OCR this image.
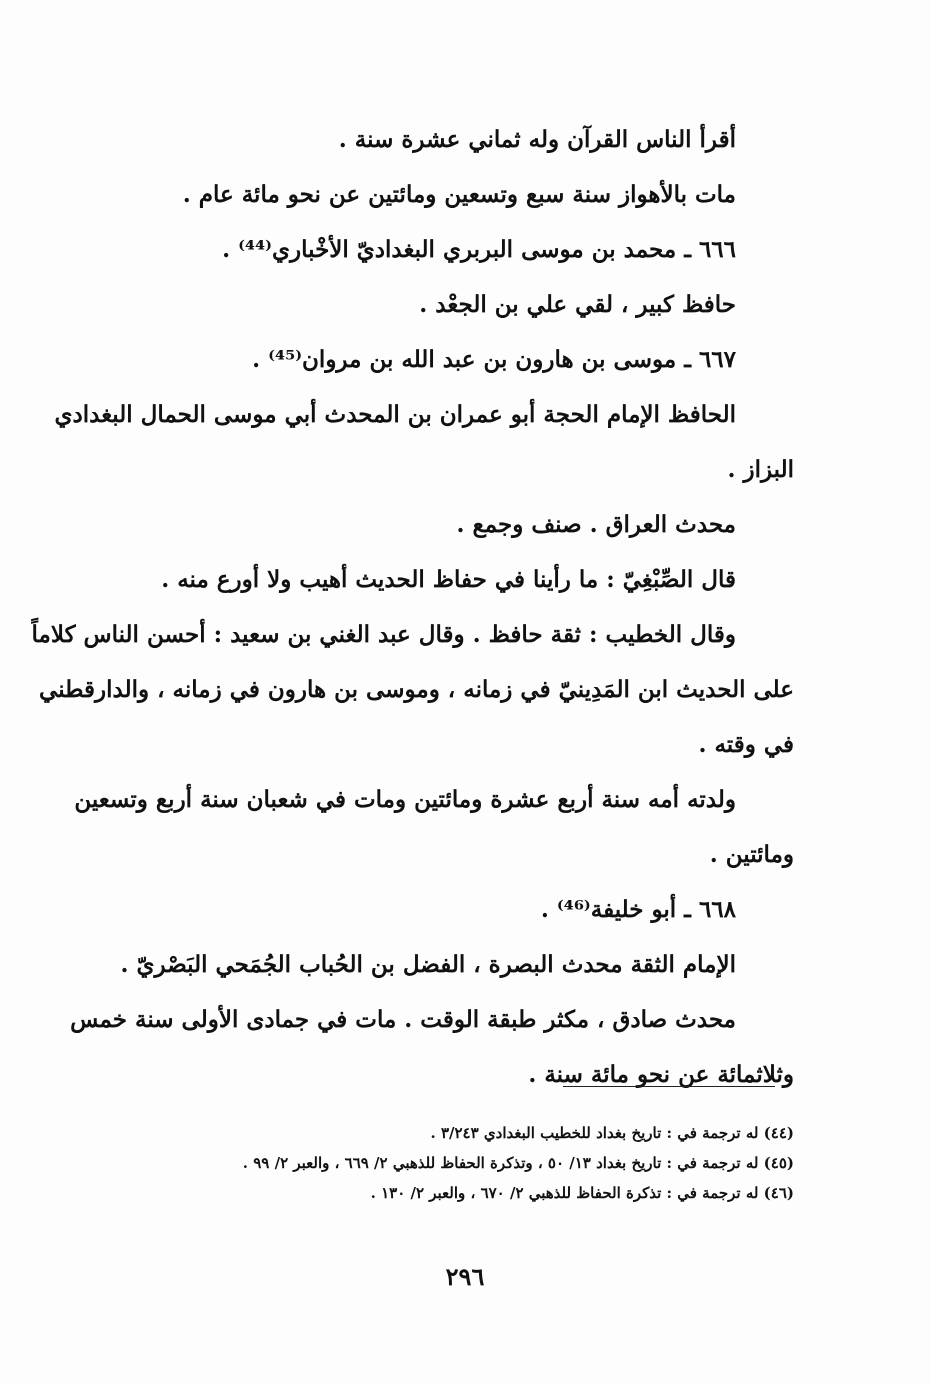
أقرأ الناس القرآن وله ثماني عشرة سنة .
مات بالأهواز سنة سبع وتسعين ومائتين عن نحو مائة عام .
٦٦٦ ـ محمد بن موسى البربري البغداديّ الأخْباري⁽⁴⁴⁾ .
حافظ كبير ، لقي علي بن الجعْد .
٦٦٧ ـ موسى بن هارون بن عبد الله بن مروان⁽⁴⁵⁾ .
الحافظ الإمام الحجة أبو عمران بن المحدث أبي موسى الحمال البغدادي
البزاز .
محدث العراق . صنف وجمع .
قال الصِّبْغِيّ : ما رأينا في حفاظ الحديث أهيب ولا أورع منه .
وقال الخطيب : ثقة حافظ . وقال عبد الغني بن سعيد : أحسن الناس كلاماً
على الحديث ابن المَدِينيّ في زمانه ، وموسى بن هارون في زمانه ، والدارقطني
في وقته .
ولدته أمه سنة أربع عشرة ومائتين ومات في شعبان سنة أربع وتسعين
ومائتين .
٦٦٨ ـ أبو خليفة⁽⁴⁶⁾ .
الإمام الثقة محدث البصرة ، الفضل بن الحُباب الجُمَحي البَصْريّ .
محدث صادق ، مكثر طبقة الوقت . مات في جمادى الأولى سنة خمس
وثلاثمائة عن نحو مائة سنة .
(٤٤) له ترجمة في : تاريخ بغداد للخطيب البغدادي ٣/٢٤٣ .
(٤٥) له ترجمة في : تاريخ بغداد ١٣/ ٥٠ ، وتذكرة الحفاظ للذهبي ٢/ ٦٦٩ ، والعبر ٢/ ٩٩ .
(٤٦) له ترجمة في : تذكرة الحفاظ للذهبي ٢/ ٦٧٠ ، والعبر ٢/ ١٣٠ .
٢٩٦
